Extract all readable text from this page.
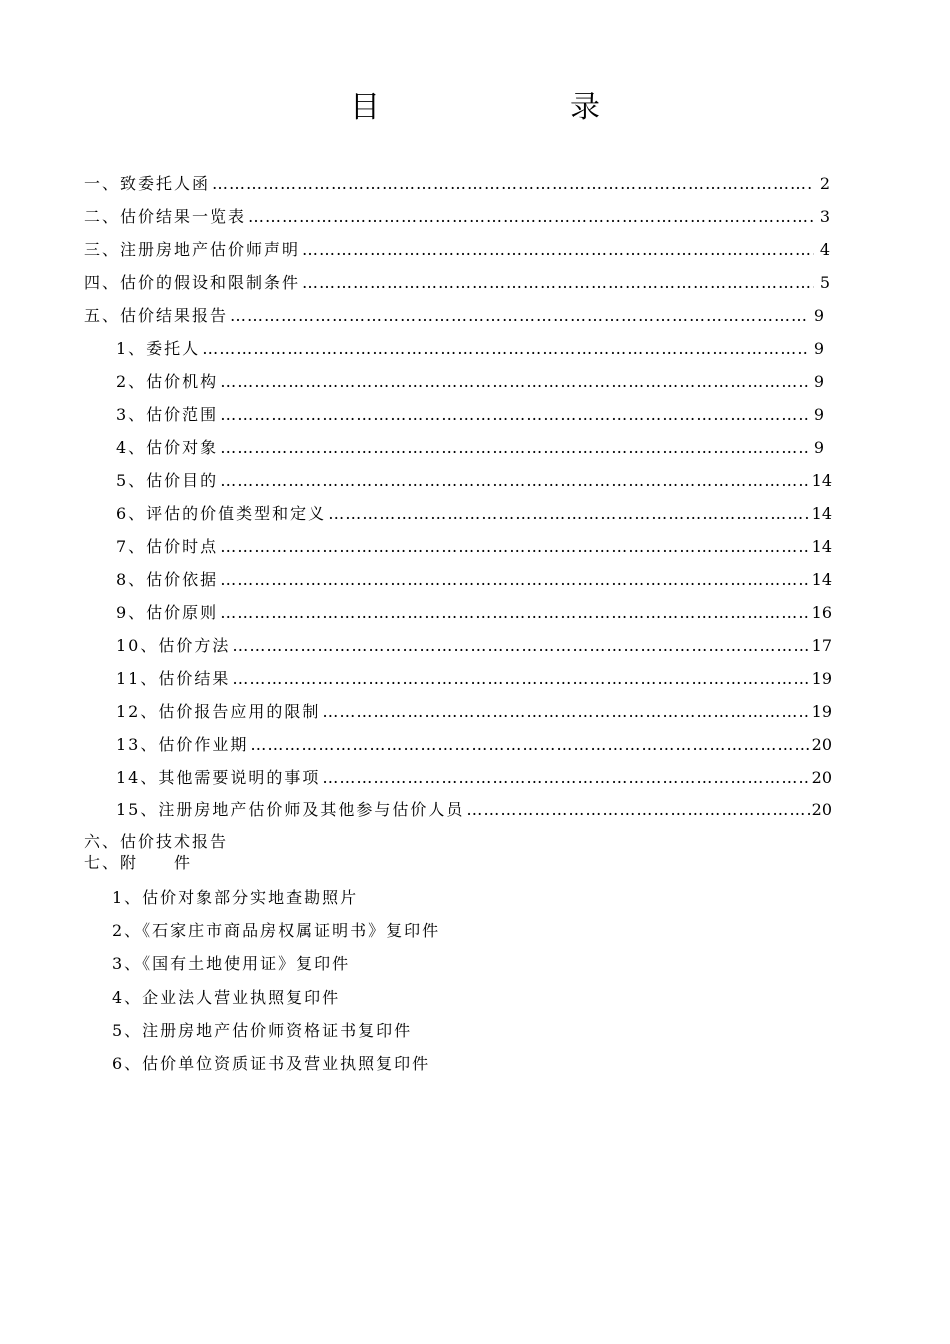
目　录
一、致委托人函 …………………………………………………………………………………………………………………………………………………………	2
二、估价结果一览表 …………………………………………………………………………………………………………………………………………………………	3
三、注册房地产估价师声明 …………………………………………………………………………………………………………………………………………………………	4
四、估价的假设和限制条件 …………………………………………………………………………………………………………………………………………………………	5
五、估价结果报告 …………………………………………………………………………………………………………………………………………………………	9
1、委托人 …………………………………………………………………………………………………………………………………………………………	9
2、估价机构 …………………………………………………………………………………………………………………………………………………………	9
3、估价范围 …………………………………………………………………………………………………………………………………………………………	9
4、估价对象 …………………………………………………………………………………………………………………………………………………………	9
5、估价目的 …………………………………………………………………………………………………………………………………………………………	14
6、评估的价值类型和定义 …………………………………………………………………………………………………………………………………………………………	14
7、估价时点 …………………………………………………………………………………………………………………………………………………………	14
8、估价依据 …………………………………………………………………………………………………………………………………………………………	14
9、估价原则 …………………………………………………………………………………………………………………………………………………………	16
10、估价方法 …………………………………………………………………………………………………………………………………………………………	17
11、估价结果 …………………………………………………………………………………………………………………………………………………………	19
12、估价报告应用的限制 …………………………………………………………………………………………………………………………………………………………	19
13、估价作业期 …………………………………………………………………………………………………………………………………………………………	20
14、其他需要说明的事项 …………………………………………………………………………………………………………………………………………………………	20
15、注册房地产估价师及其他参与估价人员 …………………………………………………………………………………………………………………………………………………………	20
六、估价技术报告
七、附　　件
1、估价对象部分实地查勘照片
2、《石家庄市商品房权属证明书》复印件
3、《国有土地使用证》复印件
4、企业法人营业执照复印件
5、注册房地产估价师资格证书复印件
6、估价单位资质证书及营业执照复印件
